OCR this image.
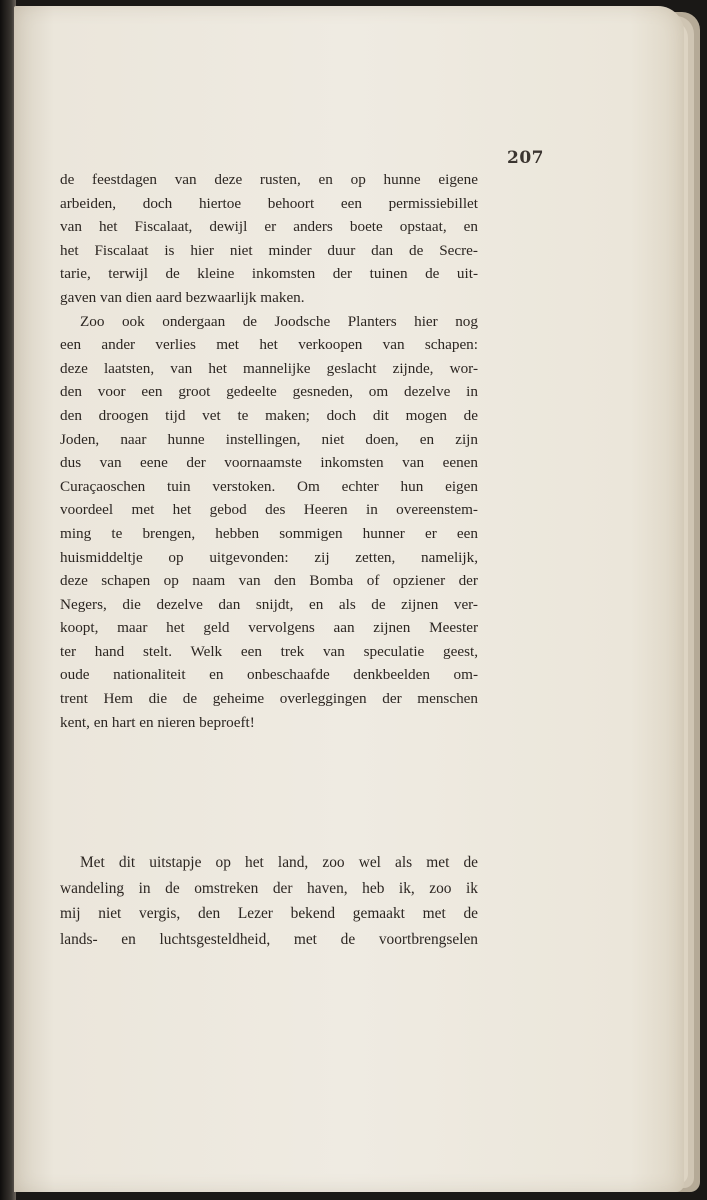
207
de feestdagen van deze rusten, en op hunne eigene
arbeiden, doch hiertoe behoort een permissiebillet
van het Fiscalaat, dewijl er anders boete opstaat, en
het Fiscalaat is hier niet minder duur dan de Secre-
tarie, terwijl de kleine inkomsten der tuinen de uit-
gaven van dien aard bezwaarlijk maken.
Zoo ook ondergaan de Joodsche Planters hier nog
een ander verlies met het verkoopen van schapen:
deze laatsten, van het mannelijke geslacht zijnde, wor-
den voor een groot gedeelte gesneden, om dezelve in
den droogen tijd vet te maken; doch dit mogen de
Joden, naar hunne instellingen, niet doen, en zijn
dus van eene der voornaamste inkomsten van eenen
Curaçaoschen tuin verstoken. Om echter hun eigen
voordeel met het gebod des Heeren in overeenstem-
ming te brengen, hebben sommigen hunner er een
huismiddeltje op uitgevonden: zij zetten, namelijk,
deze schapen op naam van den Bomba of opziener der
Negers, die dezelve dan snijdt, en als de zijnen ver-
koopt, maar het geld vervolgens aan zijnen Meester
ter hand stelt. Welk een trek van speculatie geest,
oude nationaliteit en onbeschaafde denkbeelden om-
trent Hem die de geheime overleggingen der menschen
kent, en hart en nieren beproeft!
Met dit uitstapje op het land, zoo wel als met de
wandeling in de omstreken der haven, heb ik, zoo ik
mij niet vergis, den Lezer bekend gemaakt met de
lands- en luchtsgesteldheid, met de voortbrengselen
